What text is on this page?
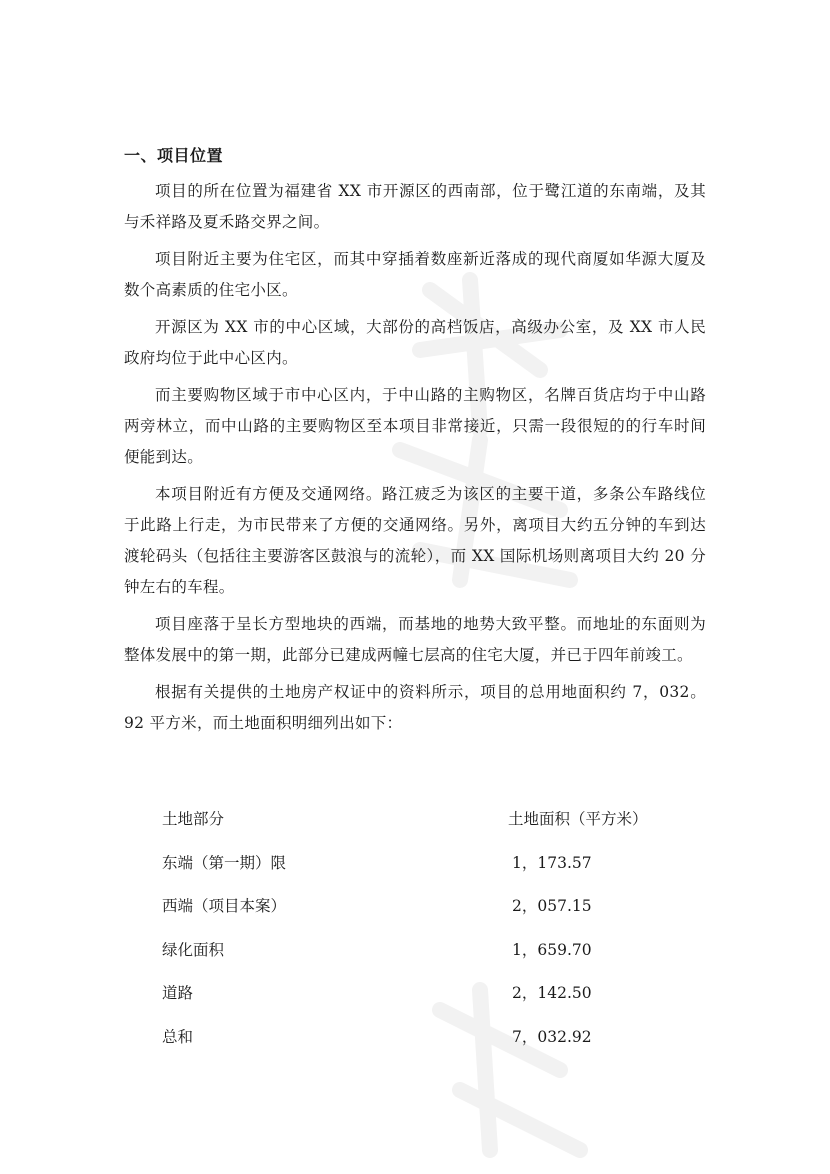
一、项目位置

项目的所在位置为福建省 XX 市开源区的西南部，位于鹭江道的东南端，及其与禾祥路及夏禾路交界之间。

项目附近主要为住宅区，而其中穿插着数座新近落成的现代商厦如华源大厦及数个高素质的住宅小区。

开源区为 XX 市的中心区域，大部份的高档饭店，高级办公室，及 XX 市人民政府均位于此中心区内。

而主要购物区域于市中心区内，于中山路的主购物区，名牌百货店均于中山路两旁林立，而中山路的主要购物区至本项目非常接近，只需一段很短的的行车时间便能到达。

本项目附近有方便及交通网络。路江疲乏为该区的主要干道，多条公车路线位于此路上行走，为市民带来了方便的交通网络。另外，离项目大约五分钟的车到达渡轮码头（包括往主要游客区鼓浪与的流轮），而 XX 国际机场则离项目大约 20 分钟左右的车程。

项目座落于呈长方型地块的西端，而基地的地势大致平整。而地址的东面则为整体发展中的第一期，此部分已建成两幢七层高的住宅大厦，并已于四年前竣工。

根据有关提供的土地房产权证中的资料所示，项目的总用地面积约 7，032。92 平方米，而土地面积明细列出如下：

土地部分	土地面积（平方米）
东端（第一期）限	1，173.57
西端（项目本案）	2，057.15
绿化面积	1，659.70
道路	2，142.50
总和	7，032.92
